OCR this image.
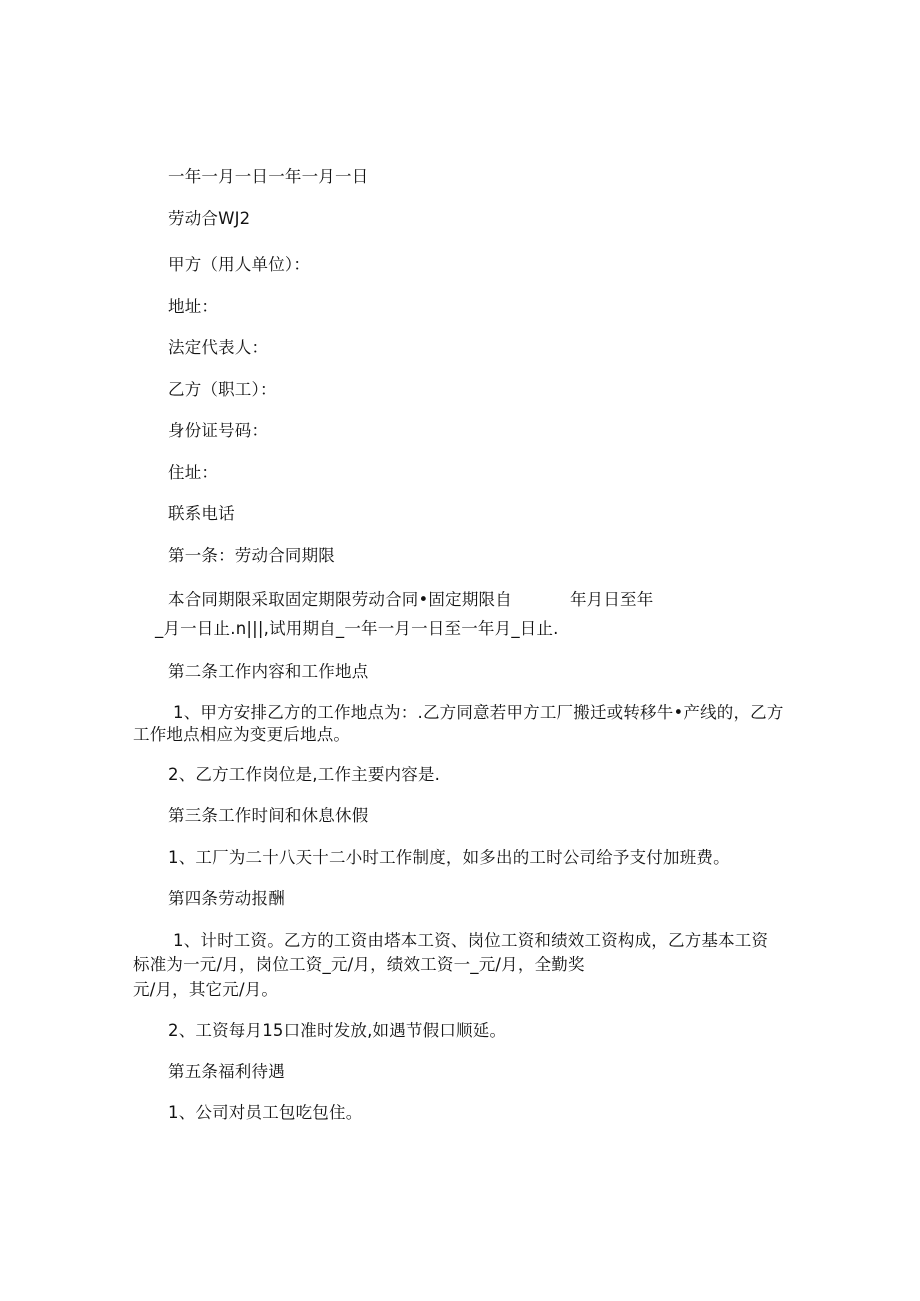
一年一月一日一年一月一日
劳动合WJ2
甲方（用人单位）：
地址：
法定代表人：
乙方（职工）：
身份证号码：
住址：
联系电话
第一条：劳动合同期限
本合同期限采取固定期限劳动合同•固定期限自	年月日至年
_月一日止.n|||,试用期自_一年一月一日至一年月_日止.
第二条工作内容和工作地点
1、甲方安排乙方的工作地点为：.乙方同意若甲方工厂搬迁或转移牛•产线的，乙方
工作地点相应为变更后地点。
2、乙方工作岗位是,工作主要内容是.
第三条工作时间和休息休假
1、工厂为二十八天十二小时工作制度，如多出的工时公司给予支付加班费。
第四条劳动报酬
1、计时工资。乙方的工资由塔本工资、岗位工资和绩效工资构成，乙方基本工资
标准为一元/月，岗位工资_元/月，绩效工资一_元/月，全勤奖
元/月，其它元/月。
2、工资每月15口准时发放,如遇节假口顺延。
第五条福利待遇
1、公司对员工包吃包住。
